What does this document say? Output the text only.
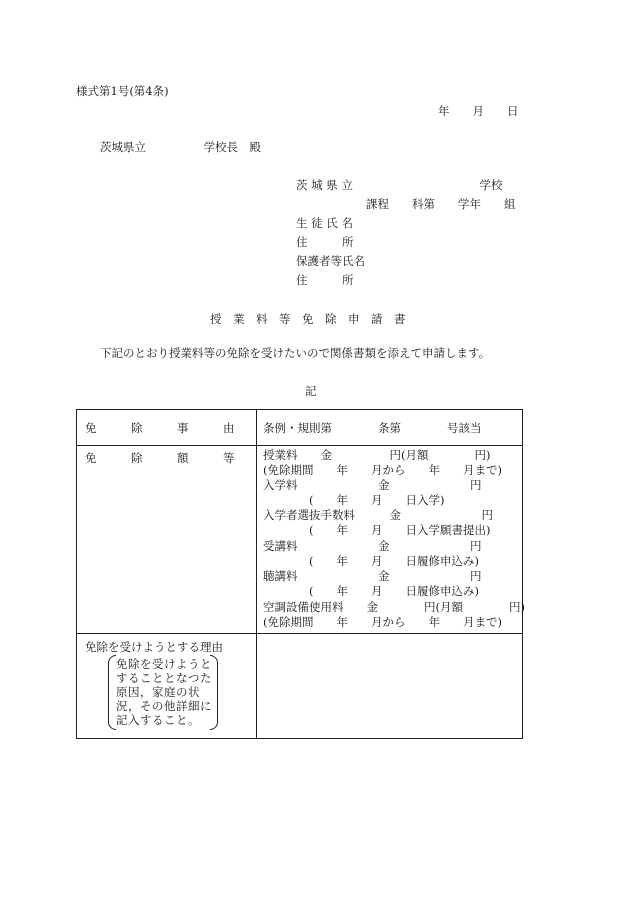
様式第1号(第4条)
年　　月　　日
茨城県立　　　　　学校長　殿
茨 城 県 立　　　　　　　　　　　学校
課程　　科第　　学年　　組
生 徒 氏 名
住　　　所
保護者等氏名
住　　　所
授　業　料　等　免　除　申　請　書
下記のとおり授業料等の免除を受けたいので関係書類を添えて申請します。
記
免　　　除　　　事　　　由 条例・規則第　　　　条第　　　　号該当
免　　　除　　　額　　　等 授業料　　金　　　　　円(月額　　　　円)
(免除期間　　年　　月から　　年　　月まで)
入学料　　　　　　　金　　　　　　　円
　　　　(　　年　　月　　日入学)
入学者選抜手数料　　　金　　　　　　　円
　　　　(　　年　　月　　日入学願書提出)
受講料　　　　　　　金　　　　　　　円
　　　　(　　年　　月　　日履修申込み)
聴講料　　　　　　　金　　　　　　　円
　　　　(　　年　　月　　日履修申込み)
空調設備使用料　　金　　　　円(月額　　　　円)
(免除期間　　年　　月から　　年　　月まで)
免除を受けようとする理由
免除を受けようと
することとなつた
原因，家庭の状
況，その他詳細に
記入すること。
